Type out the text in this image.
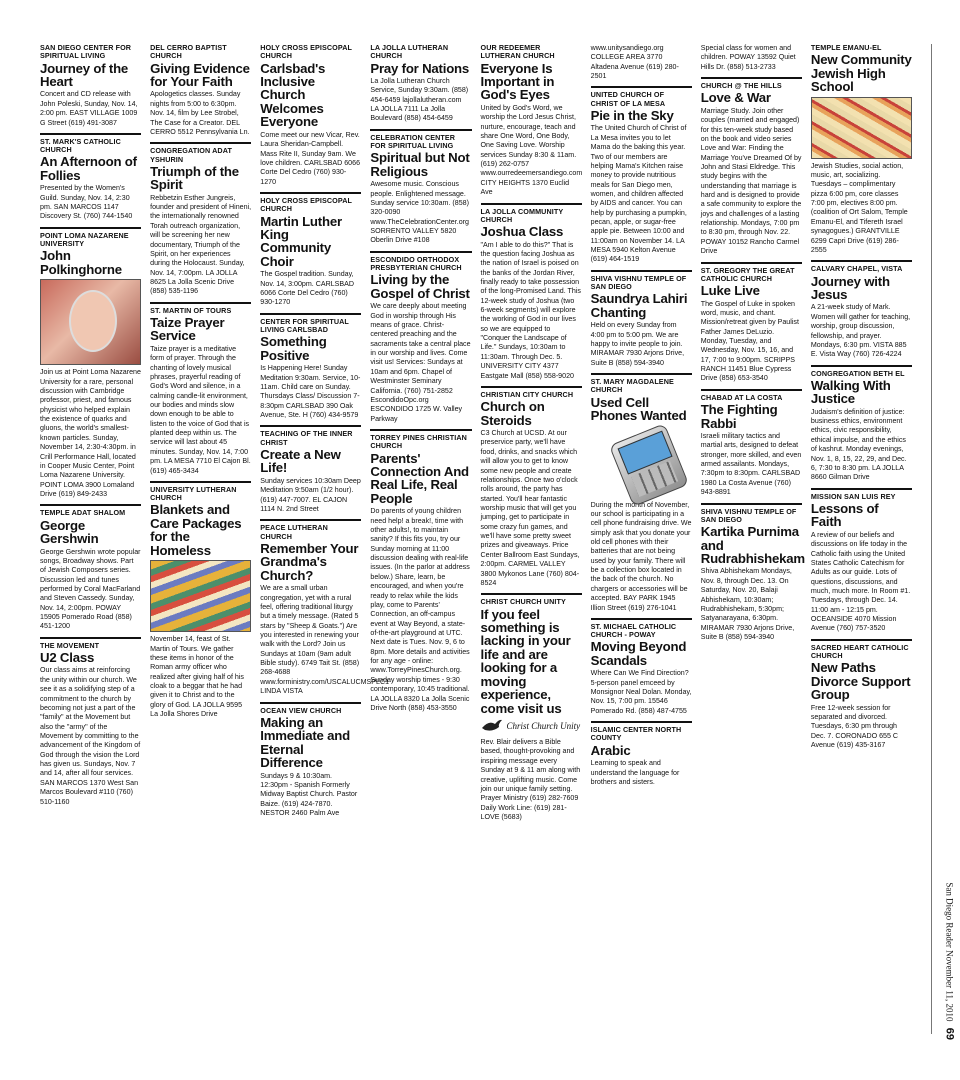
SAN DIEGO CENTER FOR SPIRITUAL LIVING
Journey of the Heart
Concert and CD release with John Poleski, Sunday, Nov. 14, 2:00 pm. EAST VILLAGE 1009 G Street (619) 491-3087
ST. MARK'S CATHOLIC CHURCH
An Afternoon of Follies
Presented by the Women's Guild. Sunday, Nov. 14, 2:30 pm. SAN MARCOS 1147 Discovery St. (760) 744-1540
POINT LOMA NAZARENE UNIVERSITY
John Polkinghorne
Join us at Point Loma Nazarene University for a rare, personal discussion with Cambridge professor, priest, and famous physicist who helped explain the existence of quarks and gluons, the world's smallest-known particles. Sunday, November 14, 2:30-4:30pm. in Crill Performance Hall, located in Cooper Music Center, Point Loma Nazarene University. POINT LOMA 3900 Lomaland Drive (619) 849-2433
TEMPLE ADAT SHALOM
George Gershwin
George Gershwin wrote popular songs, Broadway shows. Part of Jewish Composers series. Discussion led and tunes performed by Coral MacFarland and Steven Cassedy. Sunday, Nov. 14, 2:00pm. POWAY 15905 Pomerado Road (858) 451-1200
THE MOVEMENT
U2 Class
Our class aims at reinforcing the unity within our church. We see it as a solidifying step of a commitment to the church by becoming not just a part of the "family" at the Movement but also the "army" of the Movement by committing to the advancement of the Kingdom of God through the vision the Lord has given us. Sundays, Nov. 7 and 14, after all four services. SAN MARCOS 1370 West San Marcos Boulevard #110 (760) 510-1160
DEL CERRO BAPTIST CHURCH
Giving Evidence for Your Faith
Apologetics classes. Sunday nights from 5:00 to 6:30pm. Nov. 14, film by Lee Strobel, The Case for a Creator. DEL CERRO 5512 Pennsylvania Ln.
CONGREGATION ADAT YSHURIN
Triumph of the Spirit
Rebbetzin Esther Jungreis, founder and president of Hineni, the internationally renowned Torah outreach organization, will be screening her new documentary, Triumph of the Spirit, on her experiences during the Holocaust. Sunday, Nov. 14, 7:00pm. LA JOLLA 8625 La Jolla Scenic Drive (858) 535-1196
ST. MARTIN OF TOURS
Taize Prayer Service
Taize prayer is a meditative form of prayer. Through the chanting of lovely musical phrases, prayerful reading of God's Word and silence, in a calming candle-lit environment, our bodies and minds slow down enough to be able to listen to the voice of God that is planted deep within us. The service will last about 45 minutes. Sunday, Nov. 14, 7:00 pm. LA MESA 7710 El Cajon Bl. (619) 465-3434
UNIVERSITY LUTHERAN CHURCH
Blankets and Care Packages for the Homeless
November 14, feast of St. Martin of Tours. We gather these items in honor of the Roman army officer who realized after giving half of his cloak to a beggar that he had given it to Christ and to the glory of God. LA JOLLA 9595 La Jolla Shores Drive
HOLY CROSS EPISCOPAL CHURCH
Carlsbad's Inclusive Church Welcomes Everyone
Come meet our new Vicar, Rev. Laura Sheridan-Campbell. Mass Rite II, Sunday 9am. We love children. CARLSBAD 6066 Corte Del Cedro (760) 930-1270
HOLY CROSS EPISCOPAL CHURCH
Martin Luther King Community Choir
The Gospel tradition. Sunday, Nov. 14, 3:00pm. CARLSBAD 6066 Corte Del Cedro (760) 930-1270
CENTER FOR SPIRITUAL LIVING CARLSBAD
Something Positive
Is Happening Here! Sunday Meditation 9:30am. Service, 10-11am. Child care on Sunday. Thursdays Class/ Discussion 7-8:30pm CARLSBAD 390 Oak Avenue, Ste. H (760) 434-9579
TEACHING OF THE INNER CHRIST
Create a New Life!
Sunday services 10:30am Deep Meditation 9:50am (1/2 hour). (619) 447-7007. EL CAJON 1114 N. 2nd Street
PEACE LUTHERAN CHURCH
Remember Your Grandma's Church?
We are a small urban congregation, yet with a rural feel, offering traditional liturgy but a timely message. (Rated 5 stars by "Sheep & Goats.") Are you interested in renewing your walk with the Lord? Join us Sundays at 10am (9am adult Bible study). 6749 Tait St. (858) 268-4688 www.forministry.com/USCALUCMSPLC1 LINDA VISTA
OCEAN VIEW CHURCH
Making an Immediate and Eternal Difference
Sundays 9 & 10:30am. 12:30pm - Spanish Formerly Midway Baptist Church. Pastor Baize. (619) 424-7870. NESTOR 2460 Palm Ave
LA JOLLA LUTHERAN CHURCH
Pray for Nations
La Jolla Lutheran Church Service, Sunday 9:30am. (858) 454-6459 lajollalutheran.com LA JOLLA 7111 La Jolla Boulevard (858) 454-6459
CELEBRATION CENTER FOR SPIRITUAL LIVING
Spiritual but Not Religious
Awesome music. Conscious people. Enlightened message. Sunday service 10:30am. (858) 320-0090 www.TheCelebrationCenter.org SORRENTO VALLEY 5820 Oberlin Drive #108
ESCONDIDO ORTHODOX PRESBYTERIAN CHURCH
Living by the Gospel of Christ
We care deeply about meeting God in worship through His means of grace. Christ-centered preaching and the sacraments take a central place in our worship and lives. Come visit us! Services: Sundays at 10am and 6pm. Chapel of Westminster Seminary California. (760) 751-2852 EscondidoOpc.org ESCONDIDO 1725 W. Valley Parkway
TORREY PINES CHRISTIAN CHURCH
Parents' Connection And Real Life, Real People
Do parents of young children need help! a break!, time with other adults!, to maintain sanity? If this fits you, try our Sunday morning at 11:00 discussion dealing with real-life issues. (In the parlor at address below.) Share, learn, be encouraged, and when you're ready to relax while the kids play, come to Parents' Connection, an off-campus event at Way Beyond, a state-of-the-art playground at UTC. Next date is Tues. Nov. 9, 6 to 8pm. More details and activities for any age - online: www.TorreyPinesChurch.org. Sunday worship times - 9:30 contemporary, 10:45 traditional. LA JOLLA 8320 La Jolla Scenic Drive North (858) 453-3550
OUR REDEEMER LUTHERAN CHURCH
Everyone Is Important in God's Eyes
United by God's Word, we worship the Lord Jesus Christ, nurture, encourage, teach and share One Word, One Body, One Saving Love. Worship services Sunday 8:30 & 11am. (619) 262-0757 www.ourredeemersandiego.com CITY HEIGHTS 1370 Euclid Ave
LA JOLLA COMMUNITY CHURCH
Joshua Class
"Am I able to do this?" That is the question facing Joshua as the nation of Israel is poised on the banks of the Jordan River, finally ready to take possession of the long-Promised Land. This 12-week study of Joshua (two 6-week segments) will explore the working of God in our lives so we are equipped to "Conquer the Landscape of Life." Sundays, 10:30am to 11:30am. Through Dec. 5. UNIVERSITY CITY 4377 Eastgate Mall (858) 558-9020
CHRISTIAN CITY CHURCH
Church on Steroids
C3 Church at UCSD. At our preservice party, we'll have food, drinks, and snacks which will allow you to get to know some new people and create relationships. Once two o'clock rolls around, the party has started. You'll hear fantastic worship music that will get you jumping, get to participate in some crazy fun games, and we'll have some pretty sweet prizes and giveaways. Price Center Ballroom East Sundays, 2:00pm. CARMEL VALLEY 3800 Mykonos Lane (760) 804-8524
CHRIST CHURCH UNITY
If you feel something is lacking in your life and are looking for a moving experience, come visit us
Christ Church Unity
Rev. Blair delivers a Bible based, thought-provoking and inspiring message every Sunday at 9 & 11 am along with creative, uplifting music. Come join our unique family setting. Prayer Ministry (619) 282-7609 Daily Work Line: (619) 281-LOVE (5683)
www.unitysandiego.org COLLEGE AREA 3770 Altadena Avenue (619) 280-2501
UNITED CHURCH OF CHRIST OF LA MESA
Pie in the Sky
The United Church of Christ of La Mesa invites you to let Mama do the baking this year. Two of our members are helping Mama's Kitchen raise money to provide nutritious meals for San Diego men, women, and children affected by AIDS and cancer. You can help by purchasing a pumpkin, pecan, apple, or sugar-free apple pie. Between 10:00 and 11:00am on November 14. LA MESA 5940 Kelton Avenue (619) 464-1519
SHIVA VISHNU TEMPLE OF SAN DIEGO
Saundrya Lahiri Chanting
Held on every Sunday from 4:00 pm to 5:00 pm. We are happy to invite people to join. MIRAMAR 7930 Arjons Drive, Suite B (858) 594-3940
ST. MARY MAGDALENE CHURCH
Used Cell Phones Wanted
During the month of November, our school is participating in a cell phone fundraising drive. We simply ask that you donate your old cell phones with their batteries that are not being used by your family. There will be a collection box located in the back of the church. No chargers or accessories will be accepted. BAY PARK 1945 Illion Street (619) 276-1041
ST. MICHAEL CATHOLIC CHURCH - POWAY
Moving Beyond Scandals
Where Can We Find Direction? 5-person panel emceed by Monsignor Neal Dolan. Monday, Nov. 15, 7:00 pm. 15546 Pomerado Rd. (858) 487-4755
ISLAMIC CENTER NORTH COUNTY
Arabic
Learning to speak and understand the language for brothers and sisters.
Special class for women and children. POWAY 13592 Quiet Hills Dr. (858) 513-2733
CHURCH @ THE HILLS
Love & War
Marriage Study. Join other couples (married and engaged) for this ten-week study based on the book and video series Love and War: Finding the Marriage You've Dreamed Of by John and Stasi Eldredge. This study begins with the understanding that marriage is hard and is designed to provide a safe community to explore the joys and challenges of a lasting relationship. Mondays, 7:00 pm to 8:30 pm, through Nov. 22. POWAY 10152 Rancho Carmel Drive
ST. GREGORY THE GREAT CATHOLIC CHURCH
Luke Live
The Gospel of Luke in spoken word, music, and chant. Mission/retreat given by Paulist Father James DeLuzio. Monday, Tuesday, and Wednesday, Nov. 15, 16, and 17, 7:00 to 9:00pm. SCRIPPS RANCH 11451 Blue Cypress Drive (858) 653-3540
CHABAD AT LA COSTA
The Fighting Rabbi
Israeli military tactics and martial arts, designed to defeat stronger, more skilled, and even armed assailants. Mondays, 7:30pm to 8:30pm. CARLSBAD 1980 La Costa Avenue (760) 943-8891
SHIVA VISHNU TEMPLE OF SAN DIEGO
Kartika Purnima and Rudrabhishekam
Shiva Abhishekam Mondays, Nov. 8, through Dec. 13. On Saturday, Nov. 20, Balaji Abhishekam, 10:30am; Rudrabhishekam, 5:30pm; Satyanarayana, 6:30pm. MIRAMAR 7930 Arjons Drive, Suite B (858) 594-3940
TEMPLE EMANU-EL
New Community Jewish High School
Jewish Studies, social action, music, art, socializing. Tuesdays – complimentary pizza 6:00 pm, core classes 7:00 pm, electives 8:00 pm. (coalition of Ort Salom, Temple Emanu-El, and Tifereth Israel synagogues.) GRANTVILLE 6299 Capri Drive (619) 286-2555
CALVARY CHAPEL, VISTA
Journey with Jesus
A 21-week study of Mark. Women will gather for teaching, worship, group discussion, fellowship, and prayer. Mondays, 6:30 pm. VISTA 885 E. Vista Way (760) 726-4224
CONGREGATION BETH EL
Walking With Justice
Judaism's definition of justice: business ethics, environment ethics, civic responsibility, ethical impulse, and the ethics of kashrut. Monday evenings, Nov. 1, 8, 15, 22, 29, and Dec. 6, 7:30 to 8:30 pm. LA JOLLA 8660 Gilman Drive
MISSION SAN LUIS REY
Lessons of Faith
A review of our beliefs and discussions on life today in the Catholic faith using the United States Catholic Catechism for Adults as our guide. Lots of questions, discussions, and much, much more. In Room #1. Tuesdays, through Dec. 14. 11:00 am - 12:15 pm. OCEANSIDE 4070 Mission Avenue (760) 757-3520
SACRED HEART CATHOLIC CHURCH
New Paths Divorce Support Group
Free 12-week session for separated and divorced. Tuesdays, 6:30 pm through Dec. 7. CORONADO 655 C Avenue (619) 435-3167
San Diego Reader November 11, 2010 69
